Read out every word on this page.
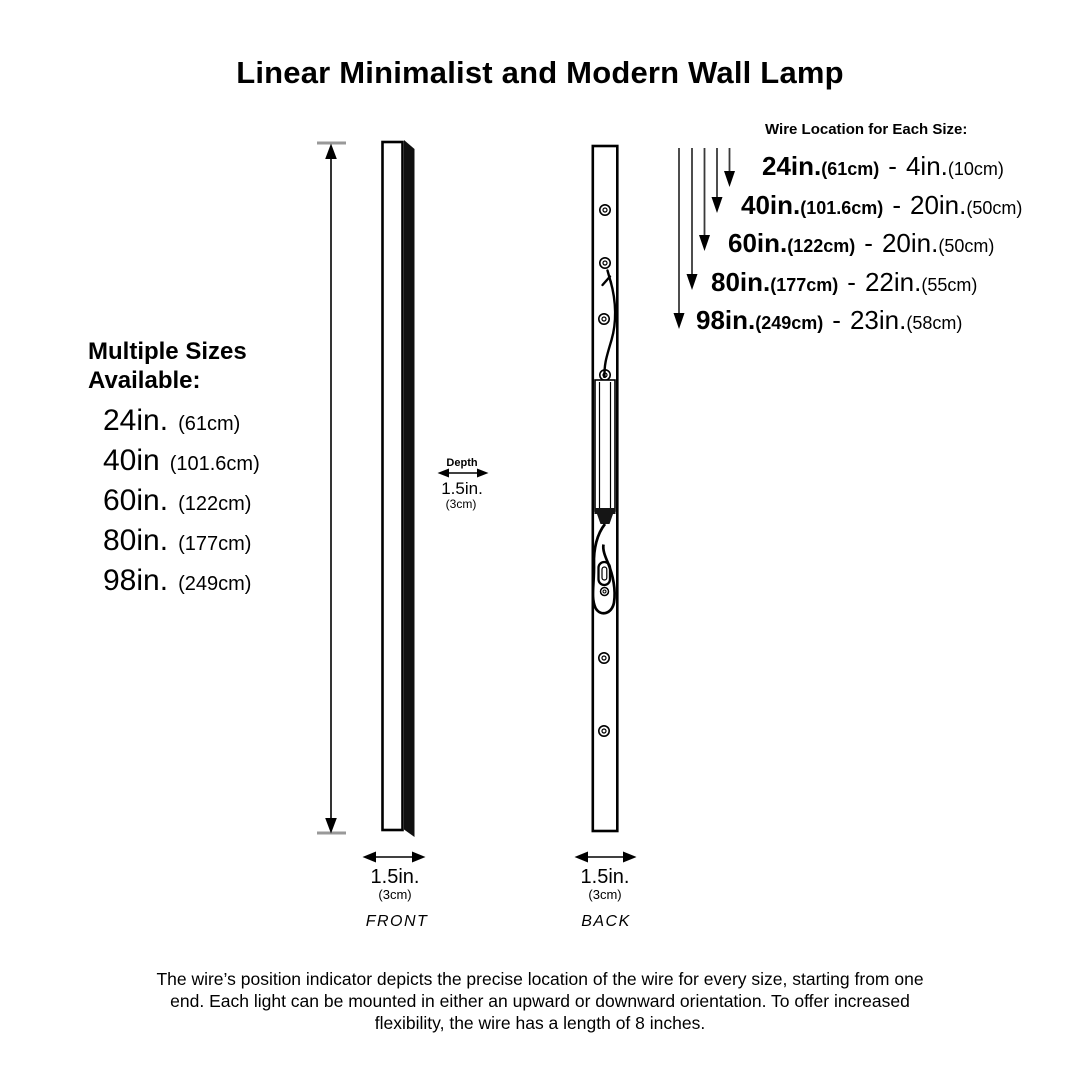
Linear Minimalist and Modern Wall Lamp
Multiple Sizes
Available:
24in. (61cm)
40in (101.6cm)
60in. (122cm)
80in. (177cm)
98in. (249cm)
Depth
1.5in.
(3cm)
1.5in.
(3cm)
FRONT
1.5in.
(3cm)
BACK
Wire Location for Each Size:
24in. (61cm) - 4in. (10cm)
40in. (101.6cm) - 20in. (50cm)
60in. (122cm) - 20in. (50cm)
80in. (177cm) - 22in. (55cm)
98in. (249cm) - 23in. (58cm)
The wire’s position indicator depicts the precise location of the wire for every size, starting from one
end. Each light can be mounted in either an upward or downward orientation. To offer increased
flexibility, the wire has a length of 8 inches.
